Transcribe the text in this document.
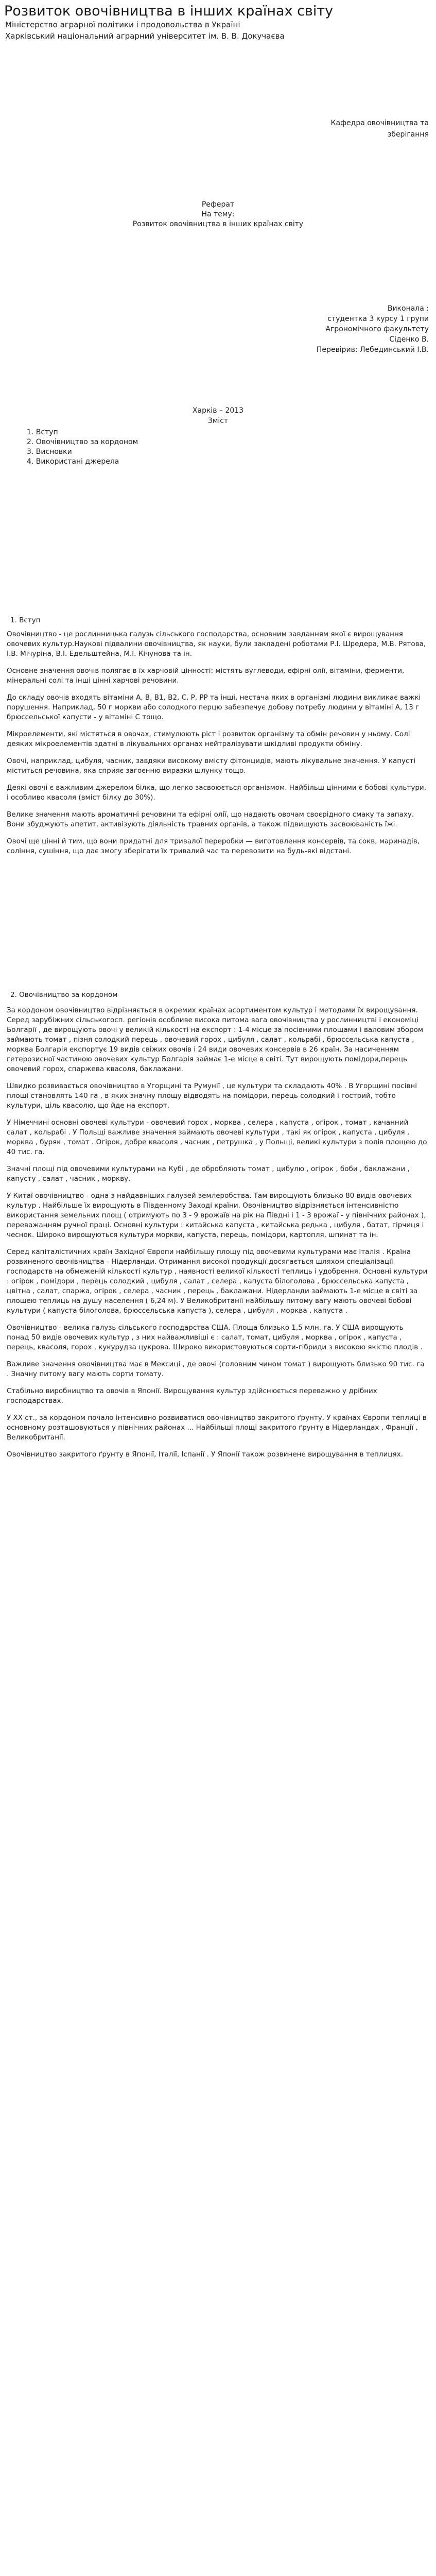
Розвиток овочівництва в інших країнах світу
Міністерство аграрної політики і продовольства в Україні
Харківський національний аграрний університет ім. В. В. Докучаєва
Кафедра овочівництва та
зберігання
Реферат
На тему:
Розвиток овочівництва в інших країнах світу
Виконала :
студентка 3 курсу 1 групи
Агрономічного факультету
Сіденко В.
Перевірив: Лебединський І.В.
Харків – 2013
Зміст
1. Вступ
2. Овочівництво за кордоном
3. Висновки
4. Використані джерела
1. Вступ

Овочівництво - це рослинницька галузь сільського господарства, основним завданням якої є вирощування овочевих культур.Наукові підвалини овочівництва, як науки, були закладені роботами Р.І. Шредера, М.В. Рятова, І.В. Мічуріна, В.І. Едельштейна, М.І. Кічунова та ін.

Основне значення овочів полягає в їх харчовій цінності: містять вуглеводи, ефірні олії, вітаміни, ферменти, мінеральні солі та інші цінні харчові речовини.

До складу овочів входять вітаміни А, В, В1, В2, С, Р, РР та інші, нестача яких в організмі людини викликає важкі порушення. Наприклад, 50 г моркви або солодкого перцю забезпечує добову потребу людини у вітаміні А, 13 г брюссельської капусти - у вітаміні С тощо.

Мікроелементи, які містяться в овочах, стимулюють ріст і розвиток організму та обмін речовин у ньому. Солі деяких мікроелементів здатні в лікувальних органах нейтралізувати шкідливі продукти обміну.

Овочі, наприклад, цибуля, часник, завдяки високому вмісту фітонцидів, мають лікувальне значення. У капусті міститься речовина, яка сприяє загоєнню виразки шлунку тощо.

Деякі овочі є важливим джерелом білка, що легко засвоюється організмом. Найбільш цінними є бобові культури, і особливо квасоля (вміст білку до 30%).

Велике значення мають ароматичні речовини та ефірні олії, що надають овочам своєрідного смаку та запаху. Вони збуджують апетит, активізують діяльність травних органів, а також підвищують засвоюваність їжі.

Овочі ще цінні й тим, що вони придатні для тривалої переробки — виготовлення консервів, та сокв, маринадів, соління, сушіння, що дає змогу зберігати їх тривалий час та перевозити на будь-які відстані.

2. Овочівництво за кордоном

За кордоном овочівництво відрізняється в окремих країнах асортиментом культур і методами їх вирощування. Серед зарубіжних сільськогосп. регіонів особливе високa питома вага овочівництва у рослинництві і економіці Болгарії , де вирощують овочі у великій кількості на експорт : 1-4 місце за посівними площами і валовим збором займають томат , пізня солодкий перець , овочевий горох , цибуля , салат , кольрабі , брюссельська капуста , морква Болгарія експортує 19 видів свіжих овочів і 24 види овочевих консервів в 26 країн. За насиченням гетерозисної частиною овочевих культур Болгарія займає 1-е місце в світі. Тут вирощують помідори,перець овочевий горох, спаржева квасоля, баклажани.

Швидко розвивається овочівництво в Угорщині та Румунії , це культури та складають 40% . В Угорщині посівні площі становлять 140 га , в яких значну площу відводять на помідори, перець солодкий і гострий, тобто культури, ціль квасолю, що йде на експорт.

У Німеччині основні овочеві культури - овочевий горох , морква , селера , капуста , огірок , томат , качанний салат , кольрабі . У Польщі важливе значення займають овочеві культури , такі як огірок , капуста , цибуля , морква , буряк , томат . Огірок, добре квасоля , часник , петрушка , у Польщі, великі культури з полів площею до 40 тис. га.

Значні площі під овочевими культурами на Кубі , де обробляють томат , цибулю , огірок , боби , баклажани , капусту , салат , часник , моркву.

У Китаї овочівництво - одна з найдавніших галузей землеробства. Там вирощують близько 80 видів овочевих культур . Найбільше їх вирощують в Південному Заході країни. Овочівництво відрізняється інтенсивністю використання земельних площ ( отримують по 3 - 9 врожаїв на рік на Півдні і 1 - 3 врожаї - у північних районах ), переважанням ручної праці. Основні культури : китайська капуста , китайська редька , цибуля , батат, гірчиця і чеснок. Широко вирощуються культури моркви, капуста, перець, помідори, картопля, шпинат та ін.

Серед капіталістичних країн Західної Європи найбільшу площу під овочевими культурами має Італія . Країна розвиненого овочівництва - Нідерланди. Отримання високої продукції досягається шляхом спеціалізації господарств на обмеженій кількості культур , наявності великої кількості теплиць і удобрення. Основні культури : огірок , помідори , перець солодкий , цибуля , салат , селера , капуста білоголова , брюссельська капуста , цвітна , салат, спаржа, огірок , селера , часник , перець , баклажани. Нідерланди займають 1-е місце в світі за площею теплиць на душу населення ( 6,24 м). У Великобританії найбільшу питому вагу мають овочеві бобові культури ( капуста білоголова, брюссельська капуста ), селера , цибуля , морква , капуста .

Овочівництво - велика галузь сільського господарства США. Площа близько 1,5 млн. га. У США вирощують понад 50 видів овочевих культур , з них найважливіші є : салат, томат, цибуля , морква , огірок , капуста , перець, квасоля, горох , кукурудза цукрова. Широко використовуються сорти-гібриди з високою якістю плодів .

Важливе значення овочівництва має в Мексиці , де овочі (головним чином томат ) вирощують близько 90 тис. га . Значну питому вагу мають сорти томату.

Стабільно виробництво та овочів в Японії. Вирощування культур здійснюється переважно у дрібних господарствах.

У ХХ ст., за кордоном почало інтенсивно розвиватися овочівництво закритого ґрунту. У країнах Європи теплиці в основному розташовуються у північних районах ... Найбільші площі закритого ґрунту в Нідерландах , Франції , Великобританії.

Овочівництво закритого ґрунту в Японії, Італії, Іспанії . У Японії також розвинене вирощування в теплицях.
